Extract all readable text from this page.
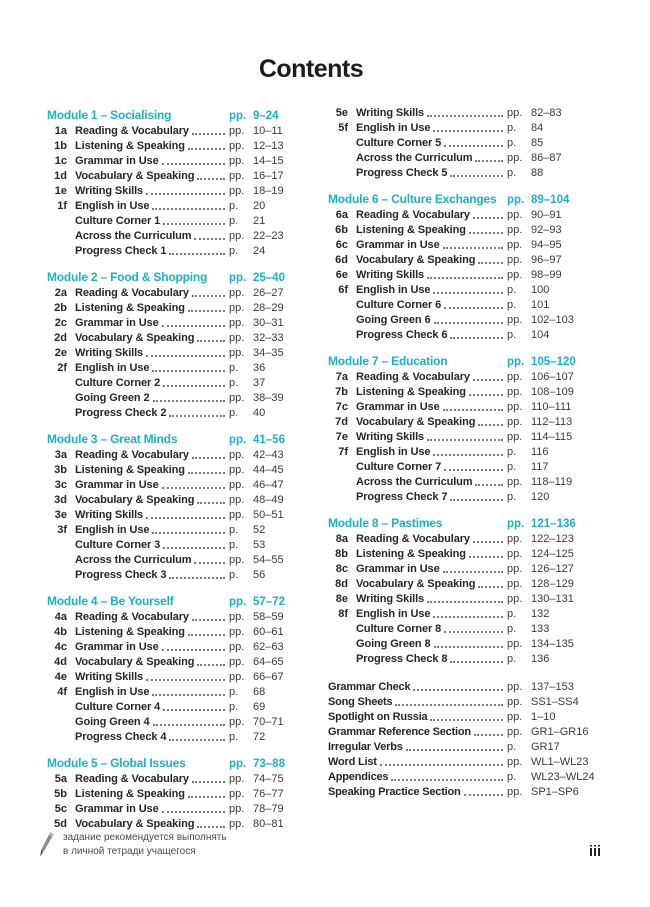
Contents
Module 1 – Socialising	pp. 9–24
1a Reading & Vocabulary	pp. 10–11
1b Listening & Speaking	pp. 12–13
1c Grammar in Use	pp. 14–15
1d Vocabulary & Speaking	pp. 16–17
1e Writing Skills	pp. 18–19
1f English in Use	p.	20
Culture Corner 1	p.	21
Across the Curriculum	pp. 22–23
Progress Check 1	p.	24
Module 2 – Food & Shopping	pp. 25–40
2a Reading & Vocabulary	pp. 26–27
2b Listening & Speaking	pp. 28–29
2c Grammar in Use	pp. 30–31
2d Vocabulary & Speaking	pp. 32–33
2e Writing Skills	pp. 34–35
2f English in Use	p.	36
Culture Corner 2	p.	37
Going Green 2	pp. 38–39
Progress Check 2	p.	40
Module 3 – Great Minds	pp. 41–56
3a Reading & Vocabulary	pp. 42–43
3b Listening & Speaking	pp. 44–45
3c Grammar in Use	pp. 46–47
3d Vocabulary & Speaking	pp. 48–49
3e Writing Skills	pp. 50–51
3f English in Use	p.	52
Culture Corner 3	p.	53
Across the Curriculum	pp. 54–55
Progress Check 3	p.	56
Module 4 – Be Yourself	pp. 57–72
4a Reading & Vocabulary	pp. 58–59
4b Listening & Speaking	pp. 60–61
4c Grammar in Use	pp. 62–63
4d Vocabulary & Speaking	pp. 64–65
4e Writing Skills	pp. 66–67
4f English in Use	p.	68
Culture Corner 4	p.	69
Going Green 4	pp. 70–71
Progress Check 4	p.	72
Module 5 – Global Issues	pp. 73–88
5a Reading & Vocabulary	pp. 74–75
5b Listening & Speaking	pp. 76–77
5c Grammar in Use	pp. 78–79
5d Vocabulary & Speaking	pp. 80–81
5e Writing Skills	pp. 82–83
5f English in Use	p.	84
Culture Corner 5	p.	85
Across the Curriculum	pp. 86–87
Progress Check 5	p.	88
Module 6 – Culture Exchanges pp. 89–104
6a Reading & Vocabulary	pp. 90–91
6b Listening & Speaking	pp. 92–93
6c Grammar in Use	pp. 94–95
6d Vocabulary & Speaking	pp. 96–97
6e Writing Skills	pp. 98–99
6f English in Use	p.	100
Culture Corner 6	p.	101
Going Green 6	pp. 102–103
Progress Check 6	p.	104
Module 7 – Education	pp. 105–120
7a Reading & Vocabulary	pp. 106–107
7b Listening & Speaking	pp. 108–109
7c Grammar in Use	pp. 110–111
7d Vocabulary & Speaking	pp. 112–113
7e Writing Skills	pp. 114–115
7f English in Use	p.	116
Culture Corner 7	p.	117
Across the Curriculum	pp. 118–119
Progress Check 7	p.	120
Module 8 – Pastimes	pp. 121–136
8a Reading & Vocabulary	pp. 122–123
8b Listening & Speaking	pp. 124–125
8c Grammar in Use	pp. 126–127
8d Vocabulary & Speaking	pp. 128–129
8e Writing Skills	pp. 130–131
8f English in Use	p.	132
Culture Corner 8	p.	133
Going Green 8	pp. 134–135
Progress Check 8	p.	136
Grammar Check	pp. 137–153
Song Sheets	pp. SS1–SS4
Spotlight on Russia	pp. 1–10
Grammar Reference Section	pp. GR1–GR16
Irregular Verbs	p.	GR17
Word List	pp. WL1–WL23
Appendices	p.	WL23–WL24
Speaking Practice Section	pp. SP1–SP6
задание рекомендуется выполнять
в личной тетради учащегося	iii
